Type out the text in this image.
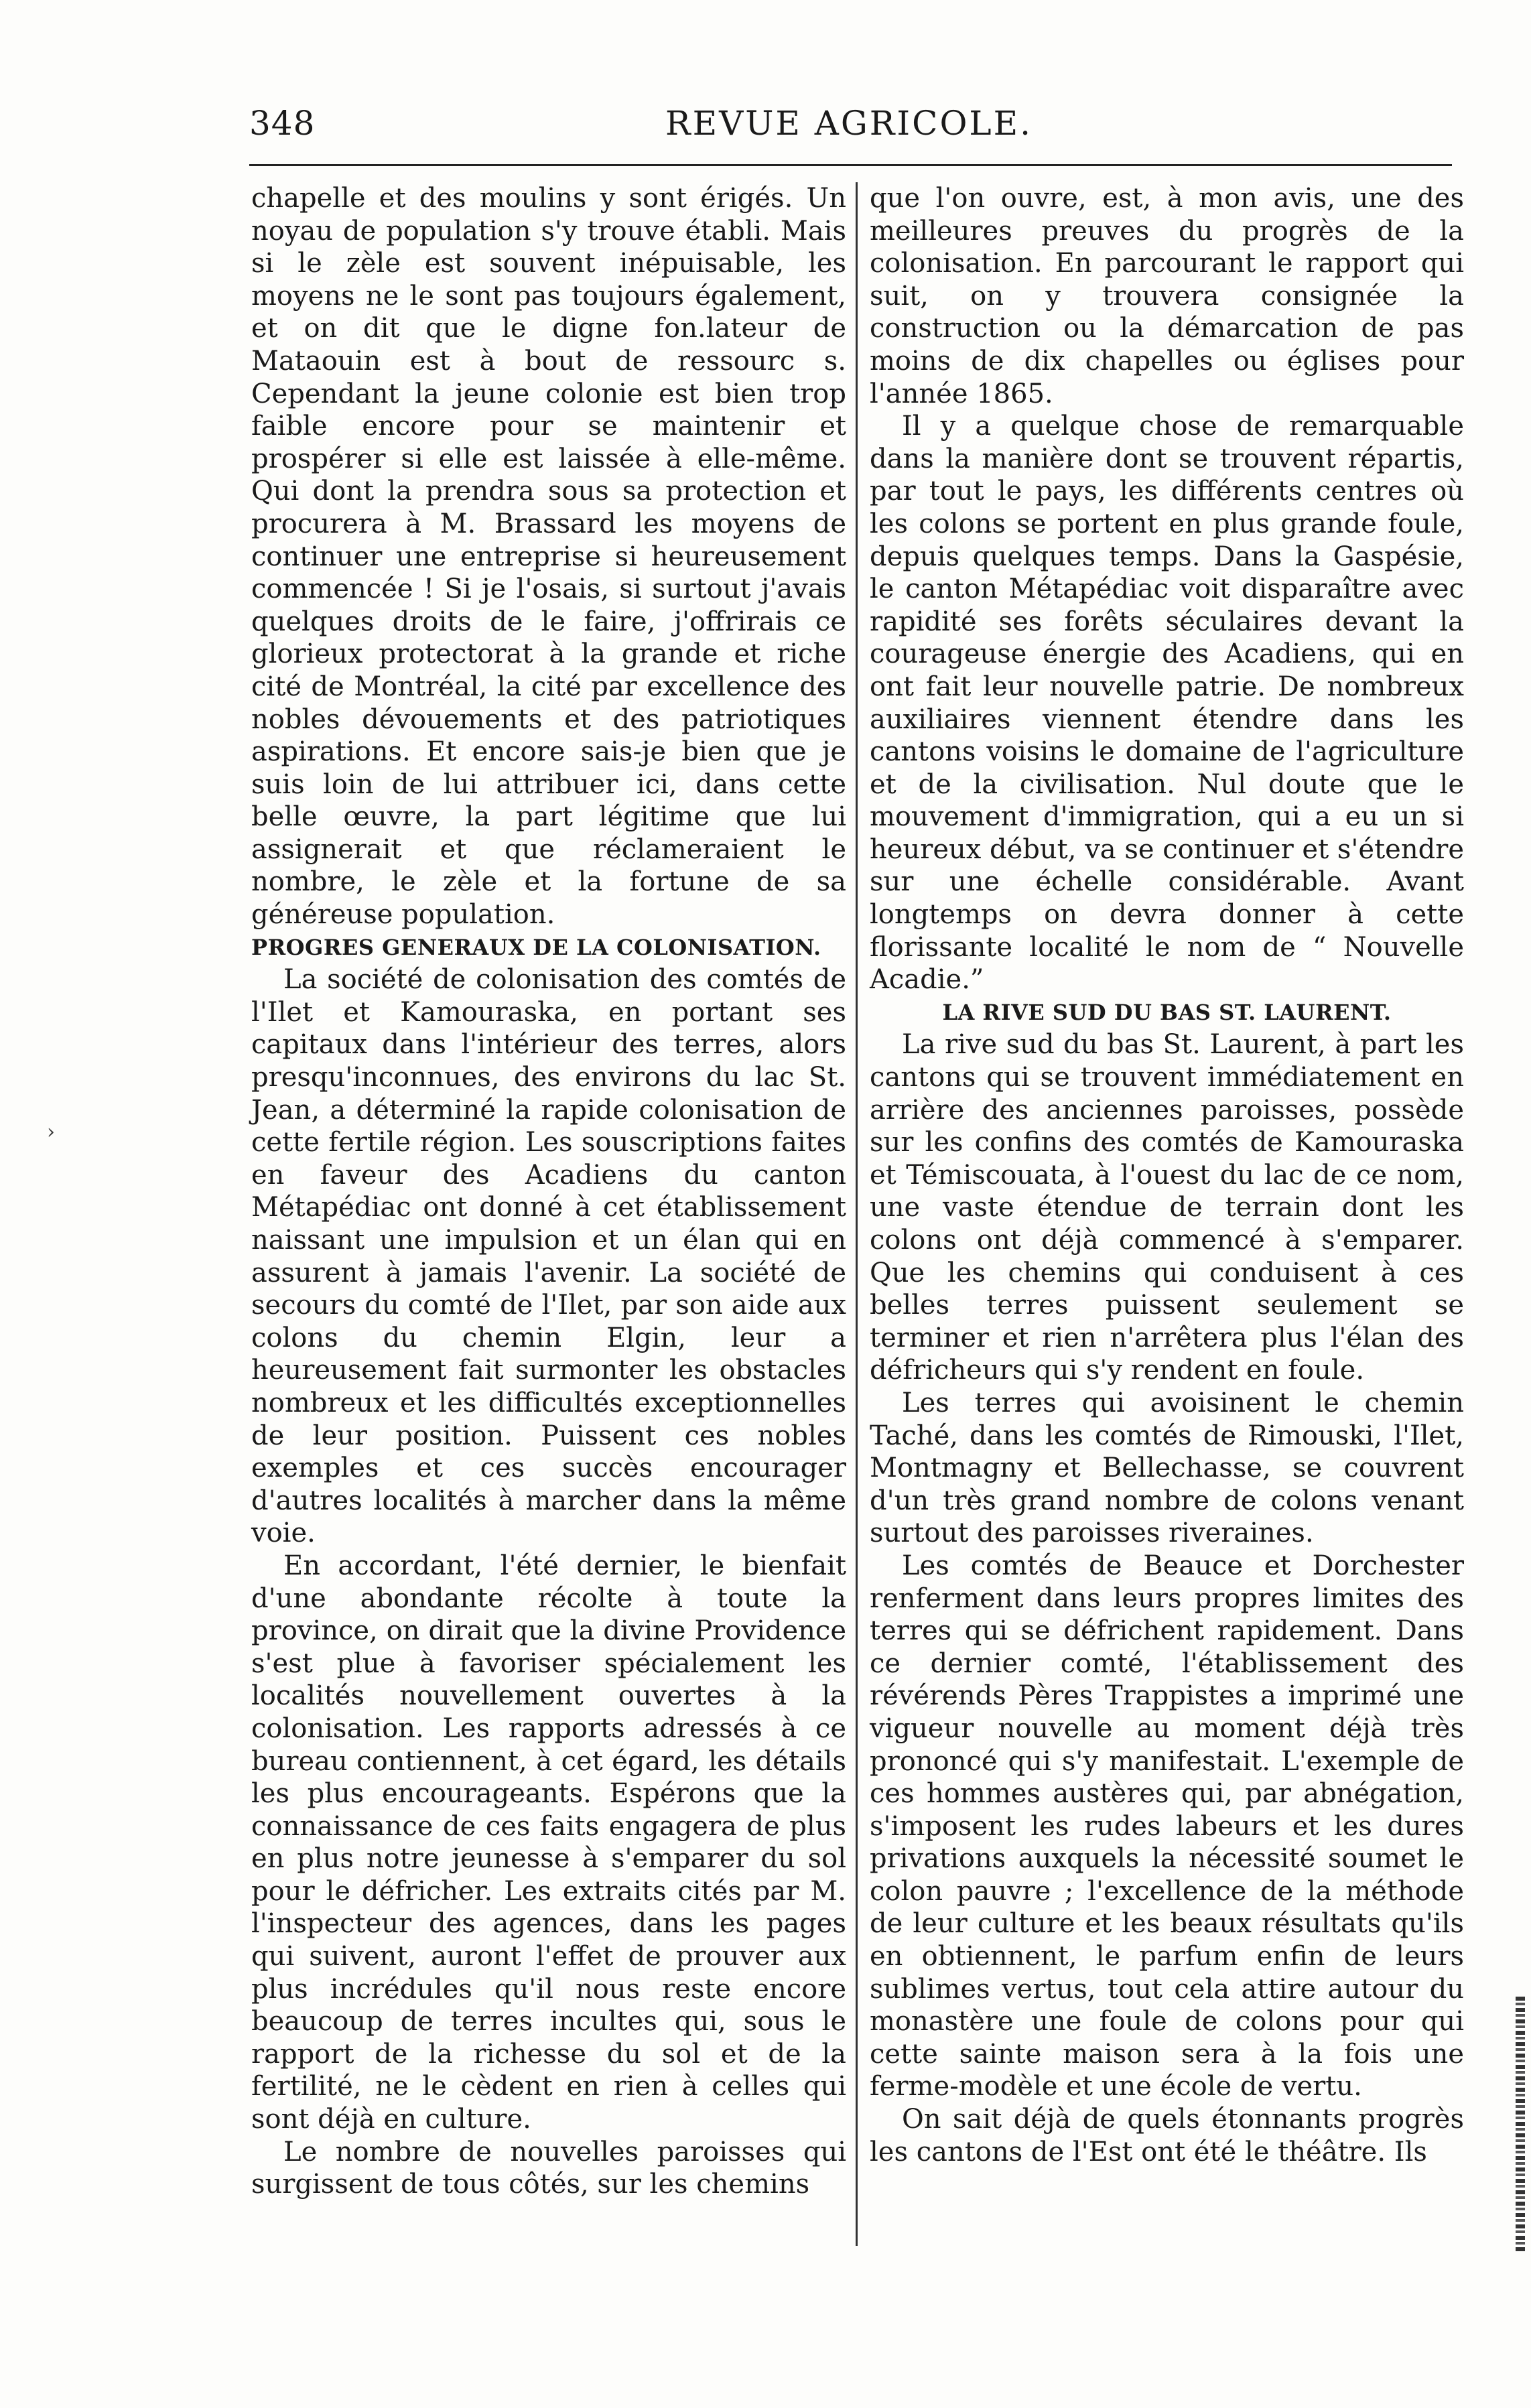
348	REVUE AGRICOLE.

chapelle et des moulins y sont érigés. Un noyau de population s'y trouve établi. Mais si le zèle est souvent inépuisable, les moyens ne le sont pas toujours également, et on dit que le digne fon.lateur de Mataouin est à bout de ressourc s. Cependant la jeune colonie est bien trop faible encore pour se maintenir et prospérer si elle est laissée à elle-même. Qui dont la prendra sous sa protection et procurera à M. Brassard les moyens de continuer une entreprise si heureusement commencée ! Si je l'osais, si surtout j'avais quelques droits de le faire, j'offrirais ce glorieux protectorat à la grande et riche cité de Montréal, la cité par excellence des nobles dévouements et des patriotiques aspirations. Et encore sais-je bien que je suis loin de lui attribuer ici, dans cette belle œuvre, la part légitime que lui assignerait et que réclameraient le nombre, le zèle et la fortune de sa généreuse population.

PROGRES GENERAUX DE LA COLONISATION.

La société de colonisation des comtés de l'Ilet et Kamouraska, en portant ses capitaux dans l'intérieur des terres, alors presqu'inconnues, des environs du lac St. Jean, a déterminé la rapide colonisation de cette fertile région. Les souscriptions faites en faveur des Acadiens du canton Métapédiac ont donné à cet établissement naissant une impulsion et un élan qui en assurent à jamais l'avenir. La société de secours du comté de l'Ilet, par son aide aux colons du chemin Elgin, leur a heureusement fait surmonter les obstacles nombreux et les difficultés exceptionnelles de leur position. Puissent ces nobles exemples et ces succès encourager d'autres localités à marcher dans la même voie.

En accordant, l'été dernier, le bienfait d'une abondante récolte à toute la province, on dirait que la divine Providence s'est plue à favoriser spécialement les localités nouvellement ouvertes à la colonisation. Les rapports adressés à ce bureau contiennent, à cet égard, les détails les plus encourageants. Espérons que la connaissance de ces faits engagera de plus en plus notre jeunesse à s'emparer du sol pour le défricher. Les extraits cités par M. l'inspecteur des agences, dans les pages qui suivent, auront l'effet de prouver aux plus incrédules qu'il nous reste encore beaucoup de terres incultes qui, sous le rapport de la richesse du sol et de la fertilité, ne le cèdent en rien à celles qui sont déjà en culture.

Le nombre de nouvelles paroisses qui surgissent de tous côtés, sur les chemins

que l'on ouvre, est, à mon avis, une des meilleures preuves du progrès de la colonisation. En parcourant le rapport qui suit, on y trouvera consignée la construction ou la démarcation de pas moins de dix chapelles ou églises pour l'année 1865.

Il y a quelque chose de remarquable dans la manière dont se trouvent répartis, par tout le pays, les différents centres où les colons se portent en plus grande foule, depuis quelques temps. Dans la Gaspésie, le canton Métapédiac voit disparaître avec rapidité ses forêts séculaires devant la courageuse énergie des Acadiens, qui en ont fait leur nouvelle patrie. De nombreux auxiliaires viennent étendre dans les cantons voisins le domaine de l'agriculture et de la civilisation. Nul doute que le mouvement d'immigration, qui a eu un si heureux début, va se continuer et s'étendre sur une échelle considérable. Avant longtemps on devra donner à cette florissante localité le nom de “ Nouvelle Acadie.”

LA RIVE SUD DU BAS ST. LAURENT.

La rive sud du bas St. Laurent, à part les cantons qui se trouvent immédiatement en arrière des anciennes paroisses, possède sur les confins des comtés de Kamouraska et Témiscouata, à l'ouest du lac de ce nom, une vaste étendue de terrain dont les colons ont déjà commencé à s'emparer. Que les chemins qui conduisent à ces belles terres puissent seulement se terminer et rien n'arrêtera plus l'élan des défricheurs qui s'y rendent en foule.

Les terres qui avoisinent le chemin Taché, dans les comtés de Rimouski, l'Ilet, Montmagny et Bellechasse, se couvrent d'un très grand nombre de colons venant surtout des paroisses riveraines.

Les comtés de Beauce et Dorchester renferment dans leurs propres limites des terres qui se défrichent rapidement. Dans ce dernier comté, l'établissement des révérends Pères Trappistes a imprimé une vigueur nouvelle au moment déjà très prononcé qui s'y manifestait. L'exemple de ces hommes austères qui, par abnégation, s'imposent les rudes labeurs et les dures privations auxquels la nécessité soumet le colon pauvre ; l'excellence de la méthode de leur culture et les beaux résultats qu'ils en obtiennent, le parfum enfin de leurs sublimes vertus, tout cela attire autour du monastère une foule de colons pour qui cette sainte maison sera à la fois une ferme-modèle et une école de vertu.

On sait déjà de quels étonnants progrès les cantons de l'Est ont été le théâtre. Ils

›
